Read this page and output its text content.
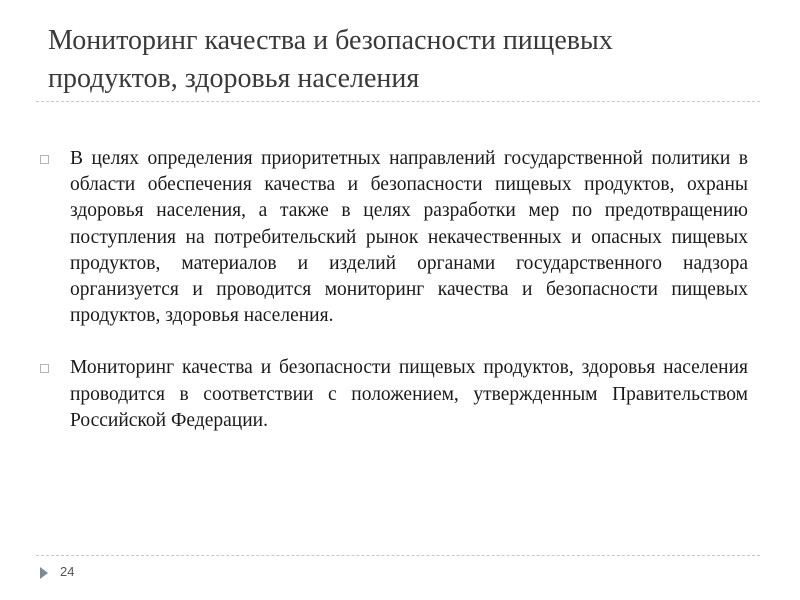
Мониторинг качества и безопасности пищевых продуктов, здоровья населения
В целях определения приоритетных направлений государственной политики в области обеспечения качества и безопасности пищевых продуктов, охраны здоровья населения, а также в целях разработки мер по предотвращению поступления на потребительский рынок некачественных и опасных пищевых продуктов, материалов и изделий органами государственного надзора организуется и проводится мониторинг качества и безопасности пищевых продуктов, здоровья населения.
Мониторинг качества и безопасности пищевых продуктов, здоровья населения проводится в соответствии с положением, утвержденным Правительством Российской Федерации.
24
